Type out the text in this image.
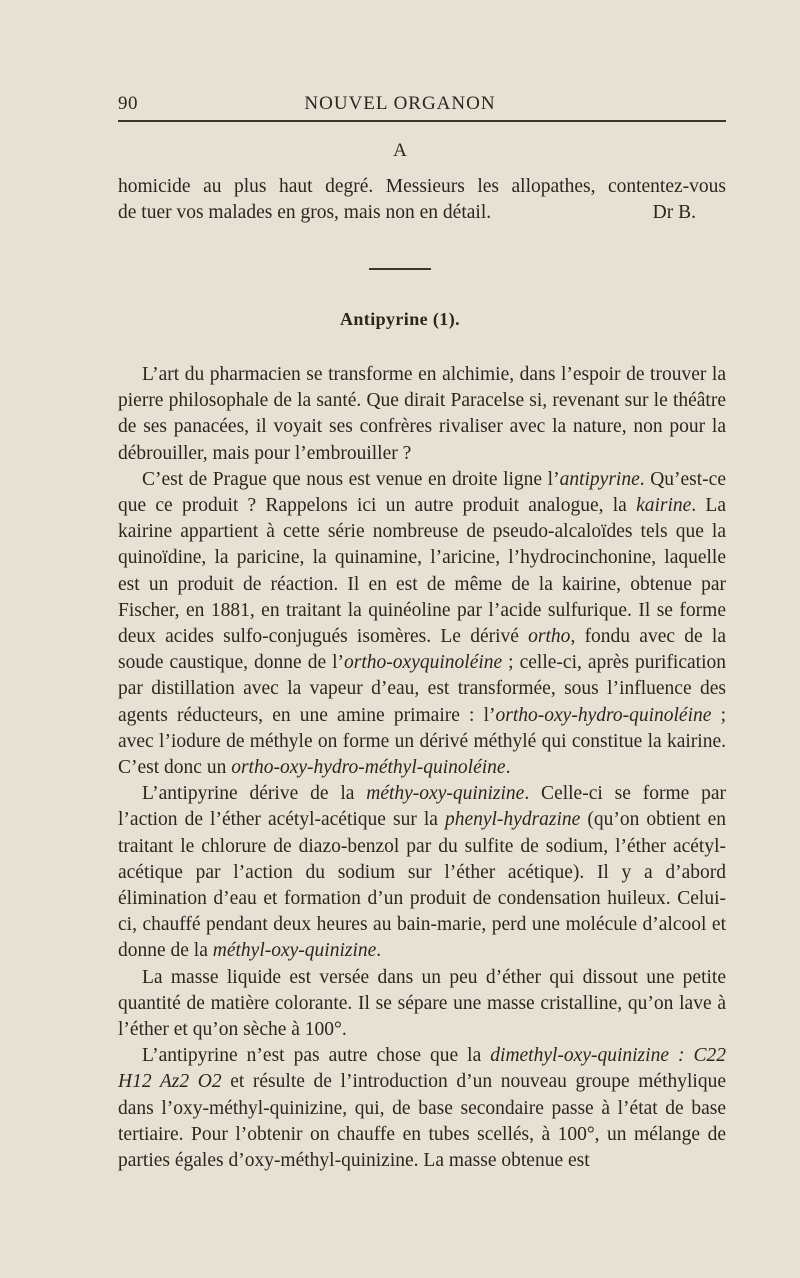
90	NOUVEL ORGANON
A

homicide au plus haut degré. Messieurs les allopathes, contentez-vous

de tuer vos malades en gros, mais non en détail.	Dr B.

Antipyrine (1).

L’art du pharmacien se transforme en alchimie, dans l’espoir de trouver la pierre philosophale de la santé. Que dirait Paracelse si, revenant sur le théâtre de ses panacées, il voyait ses confrères rivaliser avec la nature, non pour la débrouiller, mais pour l’embrouiller ?

C’est de Prague que nous est venue en droite ligne l’antipyrine. Qu’est-ce que ce produit ? Rappelons ici un autre produit analogue, la kairine. La kairine appartient à cette série nombreuse de pseudo-alcaloïdes tels que la quinoïdine, la paricine, la quinamine, l’aricine, l’hydrocinchonine, laquelle est un produit de réaction. Il en est de même de la kairine, obtenue par Fischer, en 1881, en traitant la quinéoline par l’acide sulfurique. Il se forme deux acides sulfo-conjugués isomères. Le dérivé ortho, fondu avec de la soude caustique, donne de l’ortho-oxyquinoléine ; celle-ci, après purification par distillation avec la vapeur d’eau, est transformée, sous l’influence des agents réducteurs, en une amine primaire : l’ortho-oxy-hydro-quinoléine ; avec l’iodure de méthyle on forme un dérivé méthylé qui constitue la kairine. C’est donc un ortho-oxy-hydro-méthyl-quinoléine.

L’antipyrine dérive de la méthy-oxy-quinizine. Celle-ci se forme par l’action de l’éther acétyl-acétique sur la phenyl-hydrazine (qu’on obtient en traitant le chlorure de diazo-benzol par du sulfite de sodium, l’éther acétyl-acétique par l’action du sodium sur l’éther acétique). Il y a d’abord élimination d’eau et formation d’un produit de condensation huileux. Celui-ci, chauffé pendant deux heures au bain-marie, perd une molécule d’alcool et donne de la méthyl-oxy-quinizine.

La masse liquide est versée dans un peu d’éther qui dissout une petite quantité de matière colorante. Il se sépare une masse cristalline, qu’on lave à l’éther et qu’on sèche à 100°.

L’antipyrine n’est pas autre chose que la dimethyl-oxy-quinizine : C22 H12 Az2 O2 et résulte de l’introduction d’un nouveau groupe méthylique dans l’oxy-méthyl-quinizine, qui, de base secondaire passe à l’état de base tertiaire. Pour l’obtenir on chauffe en tubes scellés, à 100°, un mélange de parties égales d’oxy-méthyl-quinizine. La masse obtenue est
